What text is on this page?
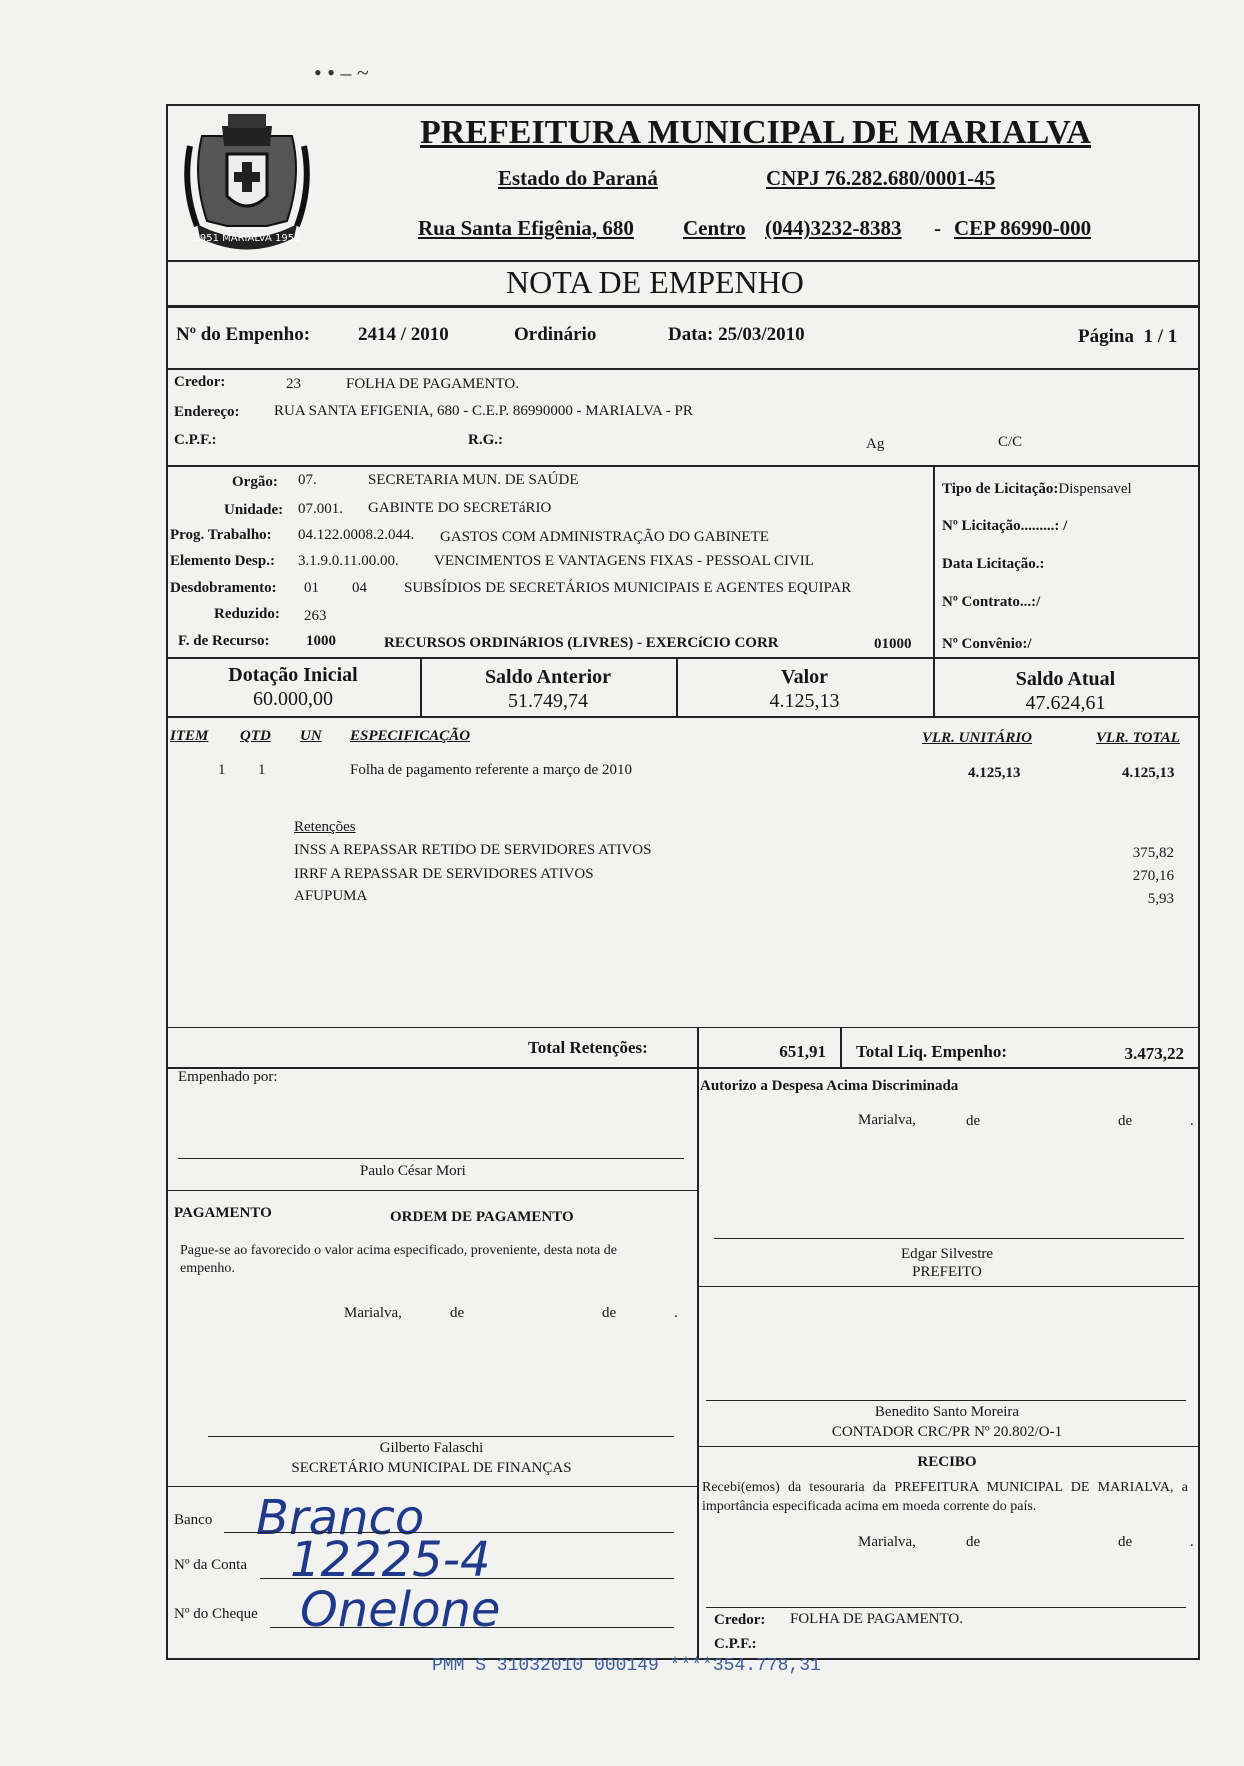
• • – ~
1951 MARIALVA 1952
PREFEITURA MUNICIPAL DE MARIALVA
Estado do Paraná	CNPJ 76.282.680/0001-45
Rua Santa Efigênia, 680 Centro (044)3232-8383 - CEP 86990-000
NOTA DE EMPENHO
Nº do Empenho:	2414 / 2010	Ordinário	Data: 25/03/2010	Página  1 / 1
Credor:	23	FOLHA DE PAGAMENTO.
Endereço: RUA SANTA EFIGENIA, 680 - C.E.P. 86990000 - MARIALVA - PR
C.P.F.:	R.G.:	Ag	C/C
Orgão: 07.	SECRETARIA MUN. DE SAÚDE
Unidade: 07.001. GABINTE DO SECRETáRIO
Prog. Trabalho: 04.122.0008.2.044. GASTOS COM ADMINISTRAÇÃO DO GABINETE
Elemento Desp.: 3.1.9.0.11.00.00. VENCIMENTOS E VANTAGENS FIXAS - PESSOAL CIVIL
Desdobramento: 01 04 SUBSÍDIOS DE SECRETÁRIOS MUNICIPAIS E AGENTES EQUIPAR
Reduzido: 263
F. de Recurso: 1000	RECURSOS ORDINáRIOS (LIVRES) - EXERCíCIO CORR	01000
Tipo de Licitação:Dispensavel
Nº Licitação.........: /
Data Licitação.:
Nº Contrato...:/
Nº Convênio:/
Dotação Inicial
60.000,00
Saldo Anterior
51.749,74
Valor
4.125,13
Saldo Atual
47.624,61
ITEM QTD UN ESPECIFICAÇÃO	VLR. UNITÁRIO	VLR. TOTAL
1 1	Folha de pagamento referente a março de 2010	4.125,13	4.125,13
Retenções
INSS A REPASSAR RETIDO DE SERVIDORES ATIVOS	375,82
IRRF A REPASSAR DE SERVIDORES ATIVOS	270,16
AFUPUMA	5,93
Total Retenções:	651,91 Total Liq. Empenho:	3.473,22
Empenhado por:
Paulo César Mori
PAGAMENTO	ORDEM DE PAGAMENTO
Pague-se ao favorecido o valor acima especificado, proveniente, desta nota de empenho.
Marialva,	de	de	.
Gilberto Falaschi
SECRETÁRIO MUNICIPAL DE FINANÇAS
Banco Branco
Nº da Conta 12225-4
Nº do Cheque Onelone
Autorizo a Despesa Acima Discriminada
Marialva,	de	de	.
Edgar Silvestre
PREFEITO
Benedito Santo Moreira
CONTADOR CRC/PR Nº 20.802/O-1
RECIBO
Recebi(emos) da tesouraria da PREFEITURA MUNICIPAL DE MARIALVA, a importância especificada acima em moeda corrente do país.
Marialva,	de	de	.
Credor: FOLHA DE PAGAMENTO.
C.P.F.:
PMM S 31032010 000149 ****354.778,31
